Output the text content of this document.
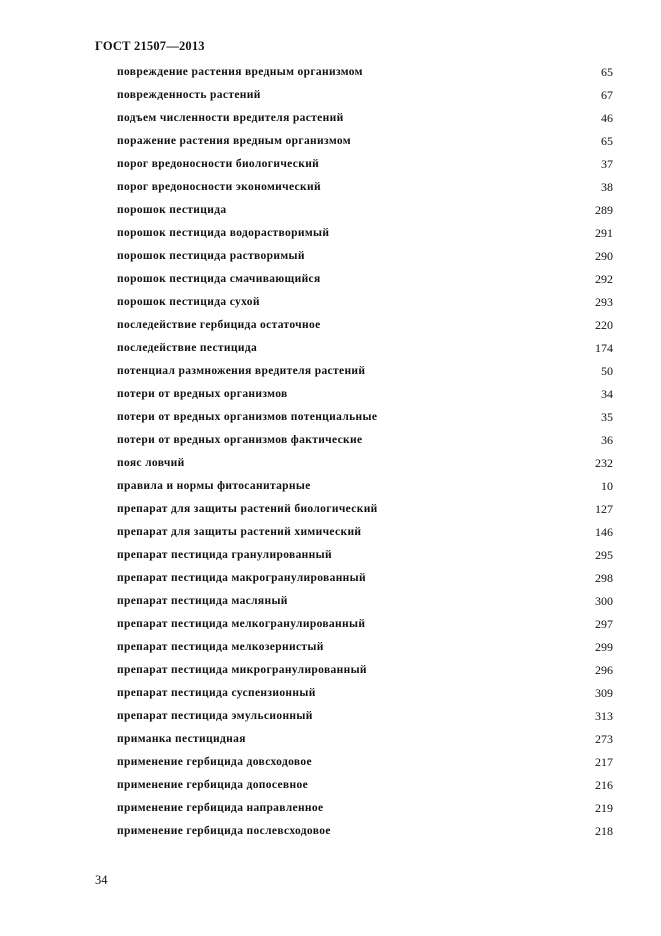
ГОСТ 21507—2013
повреждение растения вредным организмом	65
поврежденность растений	67
подъем численности вредителя растений	46
поражение растения вредным организмом	65
порог вредоносности биологический	37
порог вредоносности экономический	38
порошок пестицида	289
порошок пестицида водорастворимый	291
порошок пестицида растворимый	290
порошок пестицида смачивающийся	292
порошок пестицида сухой	293
последействие гербицида остаточное	220
последействие пестицида	174
потенциал размножения вредителя растений	50
потери от вредных организмов	34
потери от вредных организмов потенциальные	35
потери от вредных организмов фактические	36
пояс ловчий	232
правила и нормы фитосанитарные	10
препарат для защиты растений биологический	127
препарат для защиты растений химический	146
препарат пестицида гранулированный	295
препарат пестицида макрогранулированный	298
препарат пестицида масляный	300
препарат пестицида мелкогранулированный	297
препарат пестицида мелкозернистый	299
препарат пестицида микрогранулированный	296
препарат пестицида суспензионный	309
препарат пестицида эмульсионный	313
приманка пестицидная	273
применение гербицида довсходовое	217
применение гербицида допосевное	216
применение гербицида направленное	219
применение гербицида послевсходовое	218
34
